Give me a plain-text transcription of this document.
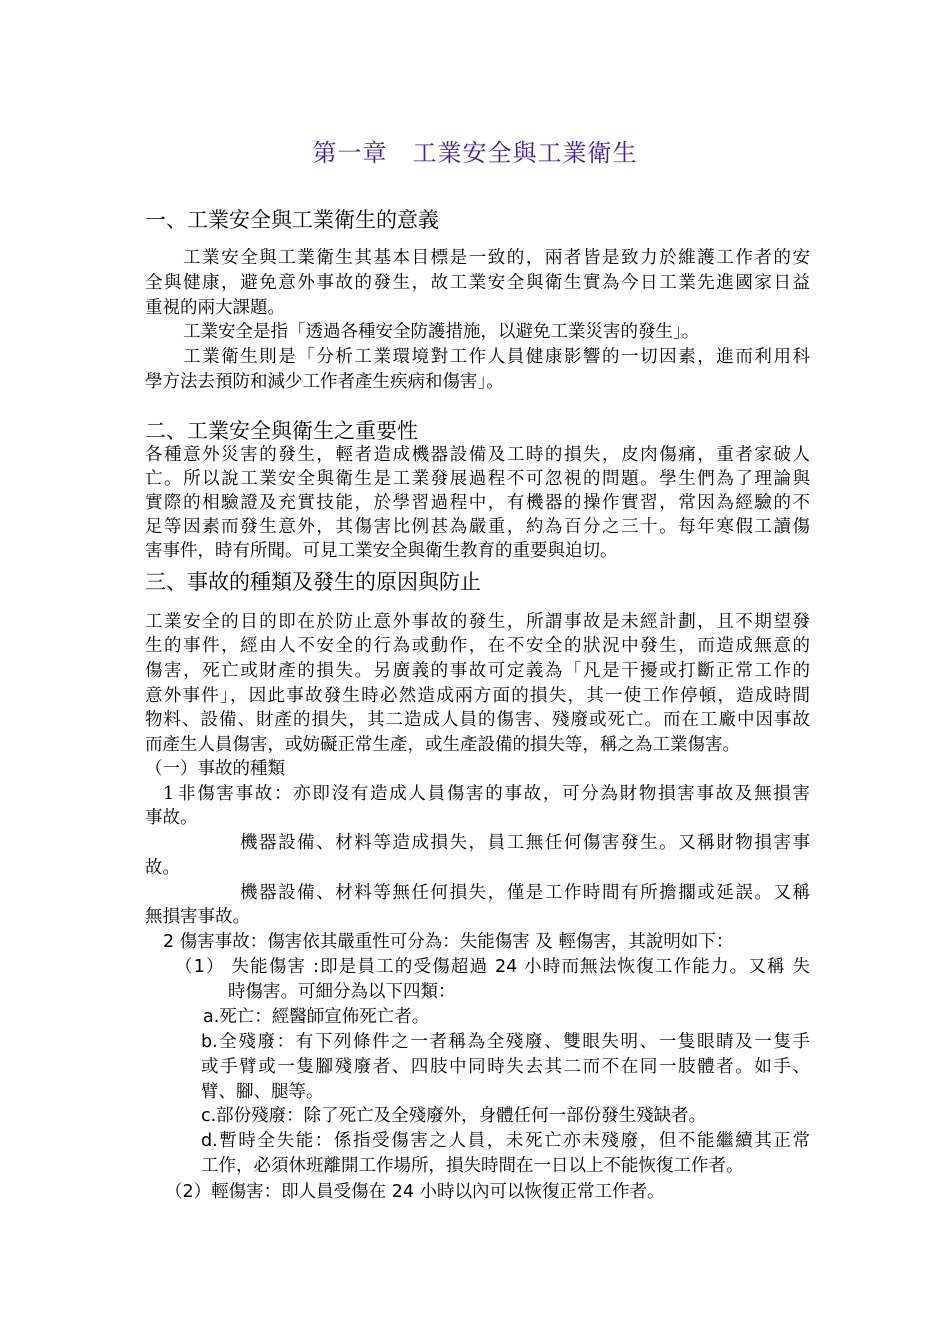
第一章　工業安全與工業衛生
一、工業安全與工業衛生的意義

工業安全與工業衛生其基本目標是一致的，兩者皆是致力於維護工作者的安

全與健康，避免意外事故的發生，故工業安全與衛生實為今日工業先進國家日益

重視的兩大課題。

工業安全是指「透過各種安全防護措施，以避免工業災害的發生」。

工業衛生則是「分析工業環境對工作人員健康影響的一切因素，進而利用科

學方法去預防和減少工作者產生疾病和傷害」。

二、工業安全與衛生之重要性

各種意外災害的發生，輕者造成機器設備及工時的損失，皮肉傷痛，重者家破人

亡。所以說工業安全與衛生是工業發展過程不可忽視的問題。學生們為了理論與

實際的相驗證及充實技能，於學習過程中，有機器的操作實習，常因為經驗的不

足等因素而發生意外，其傷害比例甚為嚴重，約為百分之三十。每年寒假工讀傷

害事件，時有所聞。可見工業安全與衛生教育的重要與迫切。

三、事故的種類及發生的原因與防止

工業安全的目的即在於防止意外事故的發生，所謂事故是未經計劃，且不期望發

生的事件，經由人不安全的行為或動作，在不安全的狀況中發生，而造成無意的

傷害，死亡或財產的損失。另廣義的事故可定義為「凡是干擾或打斷正常工作的

意外事件」，因此事故發生時必然造成兩方面的損失，其一使工作停頓，造成時間

物料、設備、財產的損失，其二造成人員的傷害、殘廢或死亡。而在工廠中因事故

而產生人員傷害，或妨礙正常生產，或生產設備的損失等，稱之為工業傷害。

（一）事故的種類

1 非傷害事故：亦即沒有造成人員傷害的事故，可分為財物損害事故及無損害

事故。

機器設備、材料等造成損失，員工無任何傷害發生。又稱財物損害事

故。

機器設備、材料等無任何損失，僅是工作時間有所擔擱或延誤。又稱

無損害事故。

2 傷害事故：傷害依其嚴重性可分為：失能傷害 及 輕傷害，其說明如下：

（1） 失能傷害 :即是員工的受傷超過 24 小時而無法恢復工作能力。又稱 失

時傷害。可細分為以下四類：

a.死亡：經醫師宣佈死亡者。

b.全殘廢：有下列條件之一者稱為全殘廢、雙眼失明、一隻眼睛及一隻手

或手臂或一隻腳殘廢者、四肢中同時失去其二而不在同一肢體者。如手、

臂、腳、腿等。

c.部份殘廢：除了死亡及全殘廢外，身體任何一部份發生殘缺者。

d.暫時全失能：係指受傷害之人員，未死亡亦未殘廢，但不能繼續其正常

工作，必須休班離開工作場所，損失時間在一日以上不能恢復工作者。

（2）輕傷害：即人員受傷在 24 小時以內可以恢復正常工作者。
